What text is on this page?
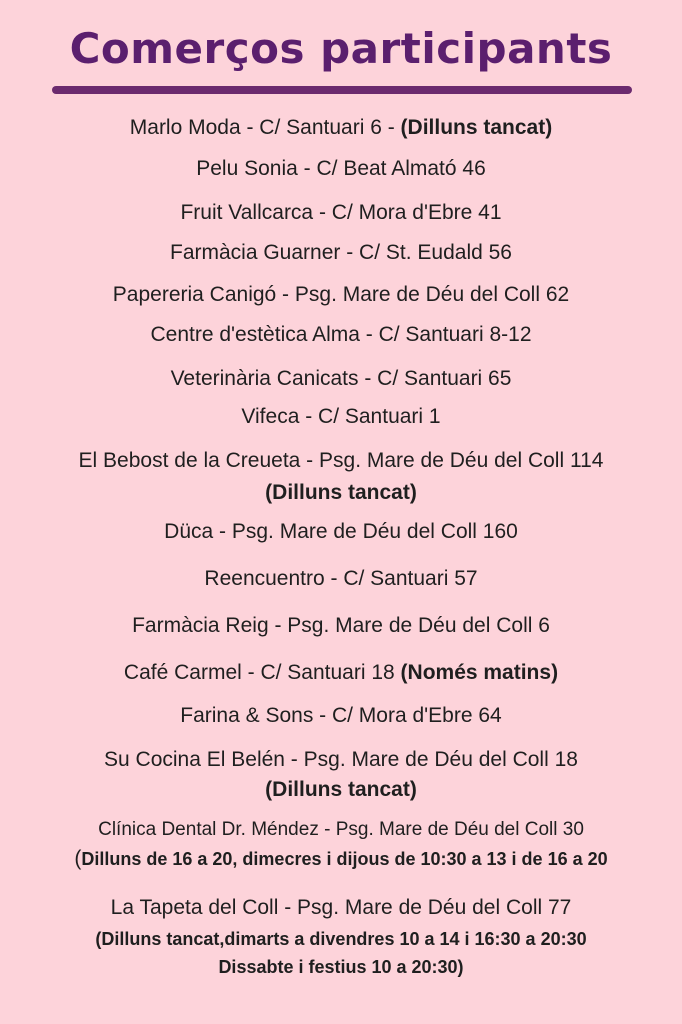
Comerços participants
Marlo Moda - C/ Santuari 6 - (Dilluns tancat)
Pelu Sonia - C/ Beat Almató 46
Fruit Vallcarca - C/ Mora d'Ebre 41
Farmàcia Guarner - C/ St. Eudald 56
Papereria Canigó - Psg. Mare de Déu del Coll 62
Centre d'estètica Alma - C/ Santuari 8-12
Veterinària Canicats - C/ Santuari 65
Vifeca - C/ Santuari 1
El Bebost de la Creueta - Psg. Mare de Déu del Coll 114
(Dilluns tancat)
Düca - Psg. Mare de Déu del Coll 160
Reencuentro - C/ Santuari 57
Farmàcia Reig - Psg. Mare de Déu del Coll 6
Café Carmel - C/ Santuari 18 (Només matins)
Farina & Sons - C/ Mora d'Ebre 64
Su Cocina El Belén - Psg. Mare de Déu del Coll 18
(Dilluns tancat)
Clínica Dental Dr. Méndez - Psg. Mare de Déu del Coll 30
(Dilluns de 16 a 20, dimecres i dijous de 10:30 a 13 i de 16 a 20
La Tapeta del Coll - Psg. Mare de Déu del Coll 77
(Dilluns tancat,dimarts a divendres 10 a 14 i 16:30 a 20:30
Dissabte i festius 10 a 20:30)
